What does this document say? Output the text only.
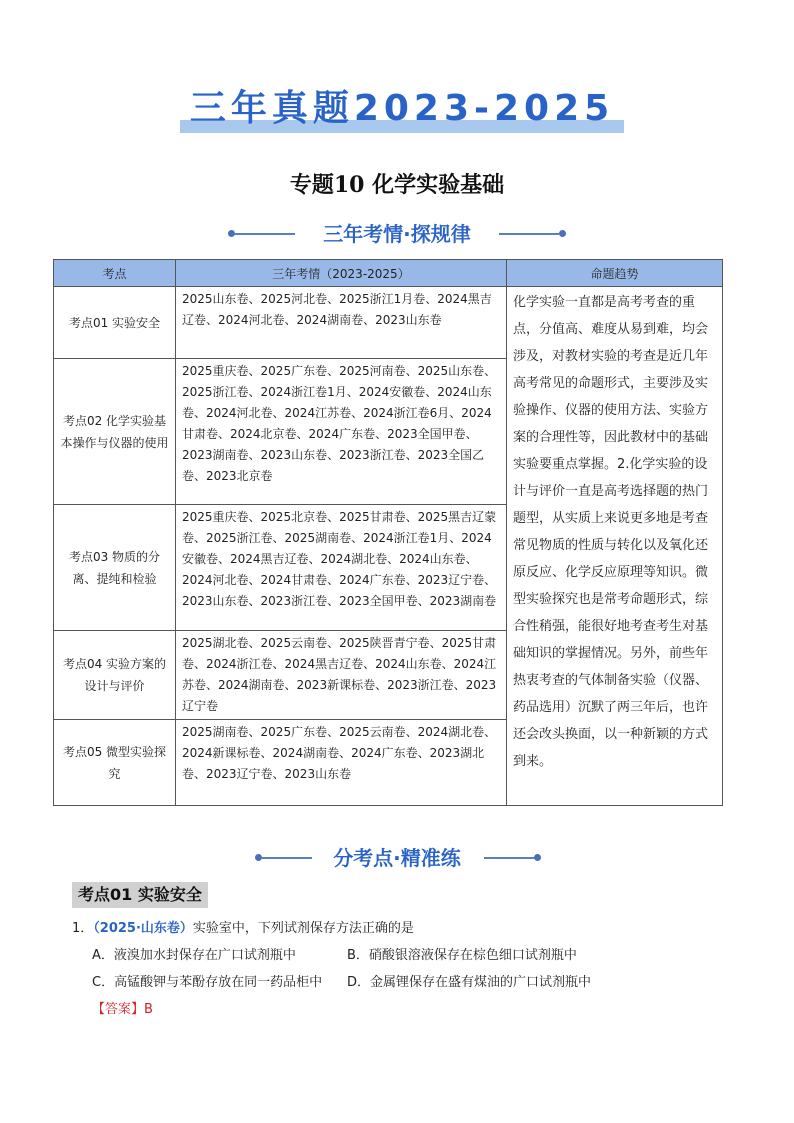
三年真题2023-2025
专题10 化学实验基础
三年考情·探规律
考点	三年考情（2023-2025）	命题趋势
考点01 实验安全	2025山东卷、2025河北卷、2025浙江1月卷、2024黑吉辽卷、2024河北卷、2024湖南卷、2023山东卷	化学实验一直都是高考考查的重点，分值高、难度从易到难，均会涉及，对教材实验的考查是近几年高考常见的命题形式，主要涉及实验操作、仪器的使用方法、实验方案的合理性等，因此教材中的基础实验要重点掌握。2.化学实验的设计与评价一直是高考选择题的热门题型，从实质上来说更多地是考查常见物质的性质与转化以及氧化还原反应、化学反应原理等知识。微型实验探究也是常考命题形式，综合性稍强，能很好地考查考生对基础知识的掌握情况。另外，前些年热衷考查的气体制备实验（仪器、药品选用）沉默了两三年后，也许还会改头换面，以一种新颖的方式到来。
考点02 化学实验基本操作与仪器的使用	2025重庆卷、2025广东卷、2025河南卷、2025山东卷、2025浙江卷、2024浙江卷1月、2024安徽卷、2024山东卷、2024河北卷、2024江苏卷、2024浙江卷6月、2024甘肃卷、2024北京卷、2024广东卷、2023全国甲卷、2023湖南卷、2023山东卷、2023浙江卷、2023全国乙卷、2023北京卷	
考点03 物质的分离、提纯和检验	2025重庆卷、2025北京卷、2025甘肃卷、2025黑吉辽蒙卷、2025浙江卷、2025湖南卷、2024浙江卷1月、2024安徽卷、2024黑吉辽卷、2024湖北卷、2024山东卷、2024河北卷、2024甘肃卷、2024广东卷、2023辽宁卷、2023山东卷、2023浙江卷、2023全国甲卷、2023湖南卷	
考点04 实验方案的设计与评价	2025湖北卷、2025云南卷、2025陕晋青宁卷、2025甘肃卷、2024浙江卷、2024黑吉辽卷、2024山东卷、2024江苏卷、2024湖南卷、2023新课标卷、2023浙江卷、2023辽宁卷	
考点05 微型实验探究	2025湖南卷、2025广东卷、2025云南卷、2024湖北卷、2024新课标卷、2024湖南卷、2024广东卷、2023湖北卷、2023辽宁卷、2023山东卷	
分考点·精准练
考点01 实验安全
1．（2025·山东卷）实验室中，下列试剂保存方法正确的是
A．液溴加水封保存在广口试剂瓶中	B．硝酸银溶液保存在棕色细口试剂瓶中
C．高锰酸钾与苯酚存放在同一药品柜中 D．金属锂保存在盛有煤油的广口试剂瓶中
【答案】B
